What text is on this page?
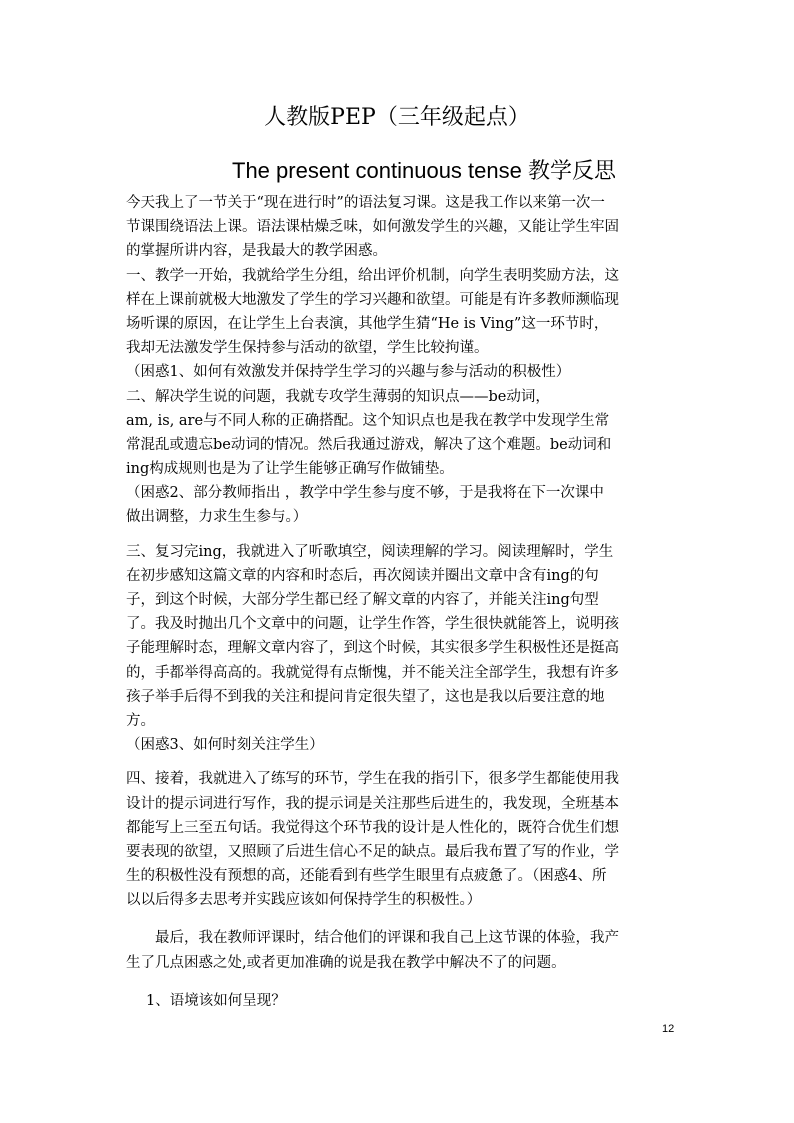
人教版PEP（三年级起点）
The present continuous tense 教学反思
今天我上了一节关于“现在进行时”的语法复习课。这是我工作以来第一次一
节课围绕语法上课。语法课枯燥乏味，如何激发学生的兴趣，又能让学生牢固
的掌握所讲内容，是我最大的教学困惑。
一、教学一开始，我就给学生分组，给出评价机制，向学生表明奖励方法，这
样在上课前就极大地激发了学生的学习兴趣和欲望。可能是有许多教师濒临现
场听课的原因，在让学生上台表演，其他学生猜“He is Ving”这一环节时，
我却无法激发学生保持参与活动的欲望，学生比较拘谨。
（困惑1、如何有效激发并保持学生学习的兴趣与参与活动的积极性）
二、解决学生说的问题，我就专攻学生薄弱的知识点——be动词，
am, is, are与不同人称的正确搭配。这个知识点也是我在教学中发现学生常
常混乱或遗忘be动词的情况。然后我通过游戏，解决了这个难题。be动词和
ing构成规则也是为了让学生能够正确写作做铺垫。
（困惑2、部分教师指出 ，教学中学生参与度不够，于是我将在下一次课中
做出调整，力求生生参与。）
三、复习完ing，我就进入了听歌填空，阅读理解的学习。阅读理解时，学生
在初步感知这篇文章的内容和时态后，再次阅读并圈出文章中含有ing的句
子，到这个时候，大部分学生都已经了解文章的内容了，并能关注ing句型
了。我及时抛出几个文章中的问题，让学生作答，学生很快就能答上，说明孩
子能理解时态，理解文章内容了，到这个时候，其实很多学生积极性还是挺高
的，手都举得高高的。我就觉得有点惭愧，并不能关注全部学生，我想有许多
孩子举手后得不到我的关注和提问肯定很失望了，这也是我以后要注意的地
方。
（困惑3、如何时刻关注学生）
四、接着，我就进入了练写的环节，学生在我的指引下，很多学生都能使用我
设计的提示词进行写作，我的提示词是关注那些后进生的，我发现，全班基本
都能写上三至五句话。我觉得这个环节我的设计是人性化的，既符合优生们想
要表现的欲望，又照顾了后进生信心不足的缺点。最后我布置了写的作业，学
生的积极性没有预想的高，还能看到有些学生眼里有点疲惫了。（困惑4、所
以以后得多去思考并实践应该如何保持学生的积极性。）
最后，我在教师评课时，结合他们的评课和我自己上这节课的体验，我产
生了几点困惑之处,或者更加准确的说是我在教学中解决不了的问题。
1、语境该如何呈现？
12
